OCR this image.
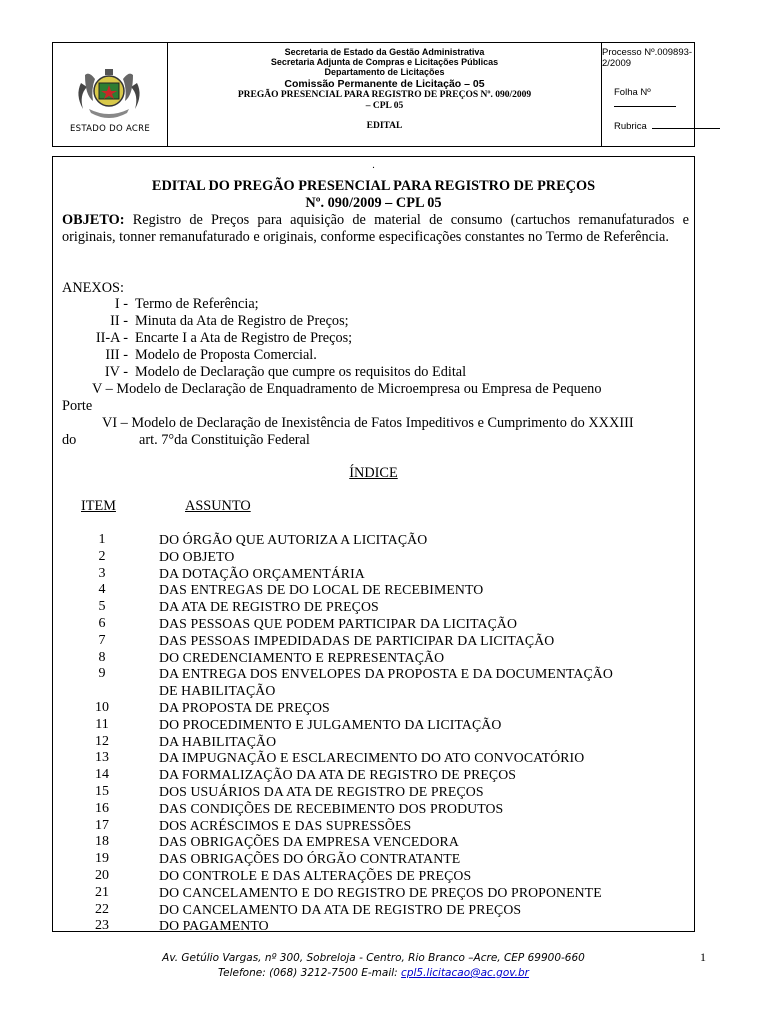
ESTADO DO ACRE
Secretaria de Estado da Gestão Administrativa
Secretaria Adjunta de Compras e Licitações Públicas
Departamento de Licitações
Comissão Permanente de Licitação – 05
PREGÃO PRESENCIAL PARA REGISTRO DE PREÇOS Nº. 090/2009
– CPL 05
EDITAL
Processo Nº.009893-2/2009
Folha Nº
Rubrica
.
EDITAL DO PREGÃO PRESENCIAL PARA REGISTRO DE PREÇOS
Nº. 090/2009 – CPL 05
OBJETO: Registro de Preços para aquisição de material de consumo (cartuchos remanufaturados e originais, tonner remanufaturado e originais, conforme especificações constantes no Termo de Referência.
ANEXOS:
I - Termo de Referência;
II - Minuta da Ata de Registro de Preços;
II-A - Encarte I a Ata de Registro de Preços;
III - Modelo de Proposta Comercial.
IV - Modelo de Declaração que cumpre os requisitos do Edital
V – Modelo de Declaração de Enquadramento de Microempresa ou Empresa de Pequeno
Porte
VI – Modelo de Declaração de Inexistência de Fatos Impeditivos e Cumprimento do XXXIII
do	art. 7°da Constituição Federal
ÍNDICE
ITEM	ASSUNTO
1	DO ÓRGÃO QUE AUTORIZA A LICITAÇÃO
2	DO OBJETO
3	DA DOTAÇÃO ORÇAMENTÁRIA
4	DAS ENTREGAS DE DO LOCAL DE RECEBIMENTO
5	DA ATA DE REGISTRO DE PREÇOS
6	DAS PESSOAS QUE PODEM PARTICIPAR DA LICITAÇÃO
7	DAS PESSOAS IMPEDIDADAS DE PARTICIPAR DA LICITAÇÃO
8	DO CREDENCIAMENTO E REPRESENTAÇÃO
9	DA ENTREGA DOS ENVELOPES DA PROPOSTA E DA DOCUMENTAÇÃO
DE HABILITAÇÃO
10	DA PROPOSTA DE PREÇOS
11	DO PROCEDIMENTO E JULGAMENTO DA LICITAÇÃO
12	DA HABILITAÇÃO
13	DA IMPUGNAÇÃO E ESCLARECIMENTO DO ATO CONVOCATÓRIO
14	DA FORMALIZAÇÃO DA ATA DE REGISTRO DE PREÇOS
15	DOS USUÁRIOS DA ATA DE REGISTRO DE PREÇOS
16	DAS CONDIÇÕES DE RECEBIMENTO DOS PRODUTOS
17	DOS ACRÉSCIMOS E DAS SUPRESSÕES
18	DAS OBRIGAÇÕES DA EMPRESA VENCEDORA
19	DAS OBRIGAÇÕES DO ÓRGÃO CONTRATANTE
20	DO CONTROLE E DAS ALTERAÇÕES DE PREÇOS
21	DO CANCELAMENTO E DO REGISTRO DE PREÇOS DO PROPONENTE
22	DO CANCELAMENTO DA ATA DE REGISTRO DE PREÇOS
23	DO PAGAMENTO
Av. Getúlio Vargas, nº 300, Sobreloja - Centro, Rio Branco –Acre, CEP 69900-660
Telefone: (068) 3212-7500 E-mail: cpl5.licitacao@ac.gov.br
1
